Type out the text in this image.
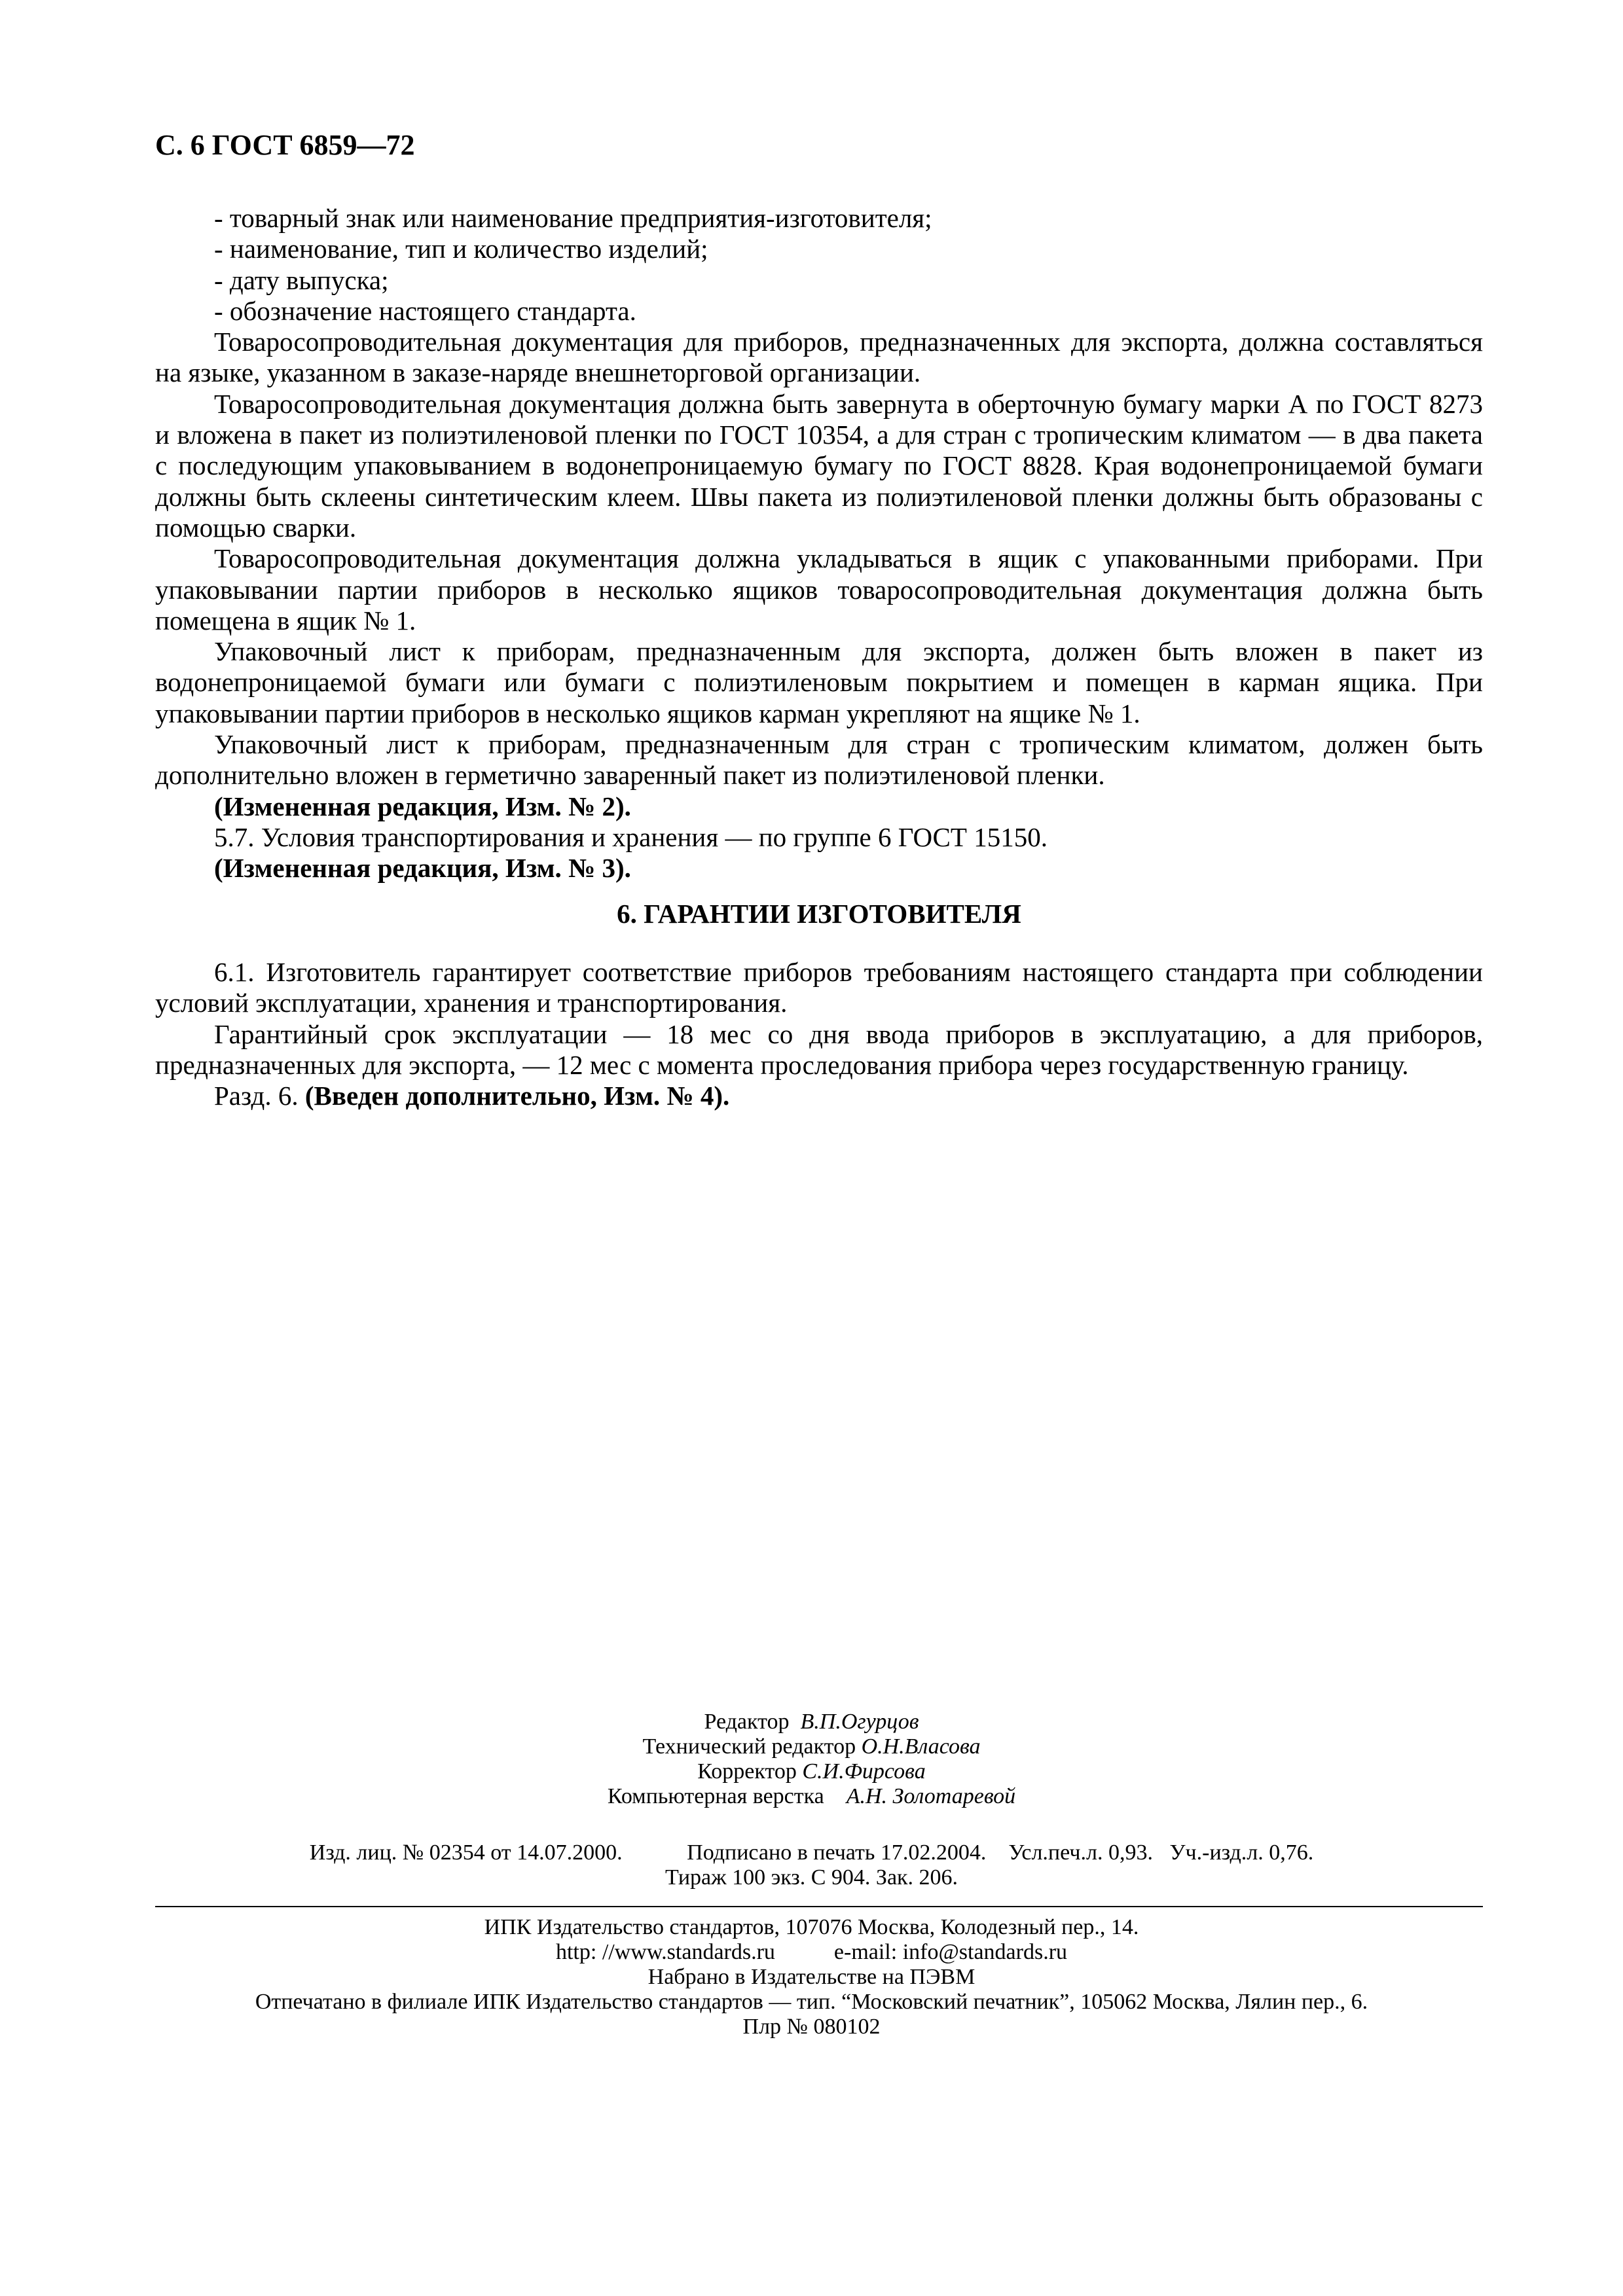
С. 6 ГОСТ 6859—72

- товарный знак или наименование предприятия-изготовителя;

- наименование, тип и количество изделий;

- дату выпуска;

- обозначение настоящего стандарта.

Товаросопроводительная документация для приборов, предназначенных для экспорта, должна составляться на языке, указанном в заказе-наряде внешнеторговой организации.

Товаросопроводительная документация должна быть завернута в оберточную бумагу марки А по ГОСТ 8273 и вложена в пакет из полиэтиленовой пленки по ГОСТ 10354, а для стран с тропическим климатом — в два пакета с последующим упаковыванием в водонепроницаемую бумагу по ГОСТ 8828. Края водонепроницаемой бумаги должны быть склеены синтетическим клеем. Швы пакета из полиэтиленовой пленки должны быть образованы с помощью сварки.

Товаросопроводительная документация должна укладываться в ящик с упакованными приборами. При упаковывании партии приборов в несколько ящиков товаросопроводительная документация должна быть помещена в ящик № 1.

Упаковочный лист к приборам, предназначенным для экспорта, должен быть вложен в пакет из водонепроницаемой бумаги или бумаги с полиэтиленовым покрытием и помещен в карман ящика. При упаковывании партии приборов в несколько ящиков карман укрепляют на ящике № 1.

Упаковочный лист к приборам, предназначенным для стран с тропическим климатом, должен быть дополнительно вложен в герметично заваренный пакет из полиэтиленовой пленки.

(Измененная редакция, Изм. № 2).

5.7. Условия транспортирования и хранения — по группе 6 ГОСТ 15150.

(Измененная редакция, Изм. № 3).

6. ГАРАНТИИ ИЗГОТОВИТЕЛЯ

6.1. Изготовитель гарантирует соответствие приборов требованиям настоящего стандарта при соблюдении условий эксплуатации, хранения и транспортирования.

Гарантийный срок эксплуатации — 18 мес со дня ввода приборов в эксплуатацию, а для приборов, предназначенных для экспорта, — 12 мес с момента проследования прибора через государственную границу.

Разд. 6. (Введен дополнительно, Изм. № 4).

Редактор В.П.Огурцов
Технический редактор О.Н.Власова
Корректор С.И.Фирсова
Компьютерная верстка А.Н. Золотаревой
Изд. лиц. № 02354 от 14.07.2000.	Подписано в печать 17.02.2004. Усл.печ.л. 0,93. Уч.-изд.л. 0,76.
Тираж 100 экз. С 904. Зак. 206.
ИПК Издательство стандартов, 107076 Москва, Колодезный пер., 14.
http: //www.standards.ru	e-mail: info@standards.ru
Набрано в Издательстве на ПЭВМ
Отпечатано в филиале ИПК Издательство стандартов — тип. “Московский печатник”, 105062 Москва, Лялин пер., 6.
Плр № 080102
